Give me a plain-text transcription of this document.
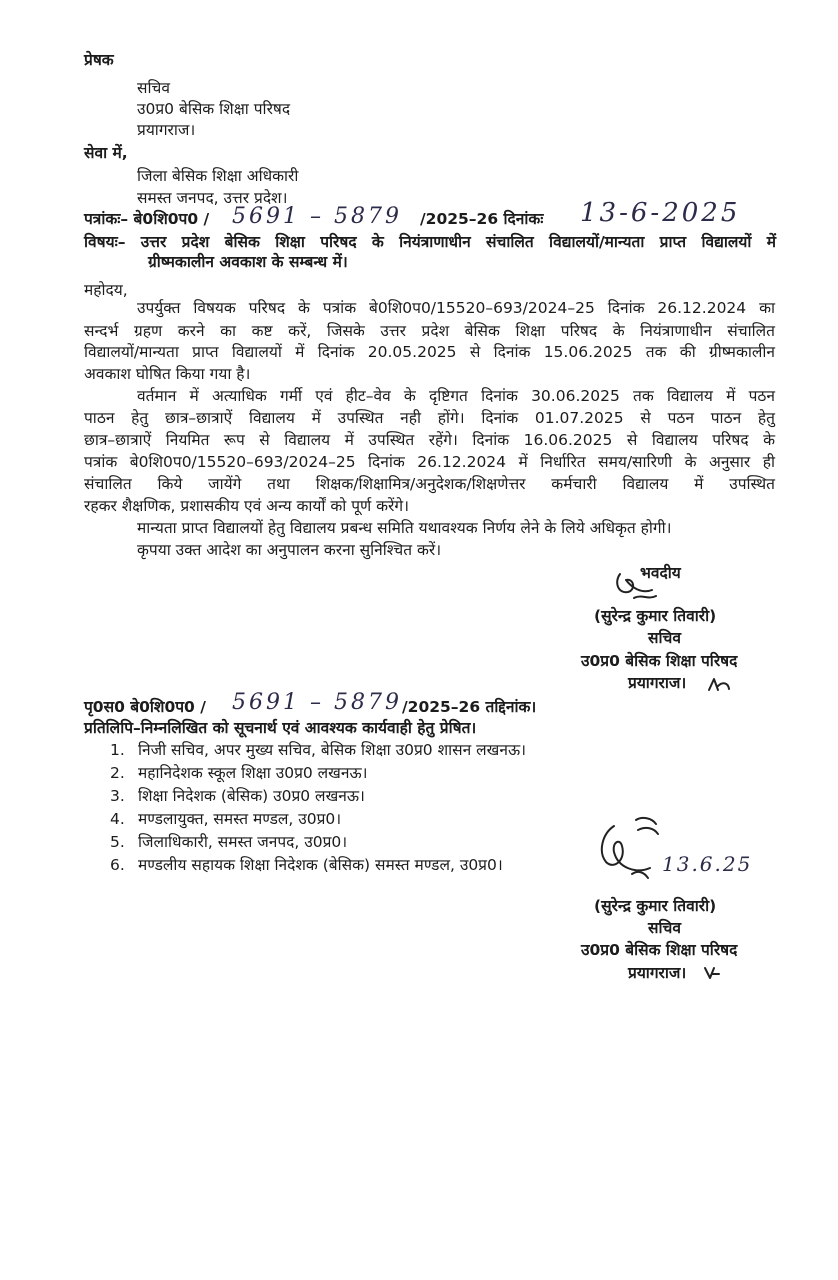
प्रेषक
सचिव
उ0प्र0 बेसिक शिक्षा परिषद
प्रयागराज।
सेवा में,
जिला बेसिक शिक्षा अधिकारी
समस्त जनपद, उत्तर प्रदेश।
पत्रांकः– बे0शि0प0 / 5691 – 5879 /2025–26 दिनांकः 13-6-2025
विषयः– उत्तर प्रदेश बेसिक शिक्षा परिषद के नियंत्राणाधीन संचालित विद्यालयों/मान्यता प्राप्त विद्यालयों में
ग्रीष्मकालीन अवकाश के सम्बन्ध में।
महोदय,
उपर्युक्त विषयक परिषद के पत्रांक बे0शि0प0/15520–693/2024–25 दिनांक 26.12.2024 का
सन्दर्भ ग्रहण करने का कष्ट करें, जिसके उत्तर प्रदेश बेसिक शिक्षा परिषद के नियंत्राणाधीन संचालित
विद्यालयों/मान्यता प्राप्त विद्यालयों में दिनांक 20.05.2025 से दिनांक 15.06.2025 तक की ग्रीष्मकालीन
अवकाश घोषित किया गया है।
वर्तमान में अत्याधिक गर्मी एवं हीट–वेव के दृष्टिगत दिनांक 30.06.2025 तक विद्यालय में पठन
पाठन हेतु छात्र–छात्राऐं विद्यालय में उपस्थित नही होंगे। दिनांक 01.07.2025 से पठन पाठन हेतु
छात्र–छात्राऐं नियमित रूप से विद्यालय में उपस्थित रहेंगे। दिनांक 16.06.2025 से विद्यालय परिषद के
पत्रांक बे0शि0प0/15520–693/2024–25 दिनांक 26.12.2024 में निर्धारित समय/सारिणी के अनुसार ही
संचालित किये जायेंगे तथा शिक्षक/शिक्षामित्र/अनुदेशक/शिक्षणेत्तर कर्मचारी विद्यालय में उपस्थित
रहकर शैक्षणिक, प्रशासकीय एवं अन्य कार्यों को पूर्ण करेंगे।
मान्यता प्राप्त विद्यालयों हेतु विद्यालय प्रबन्ध समिति यथावश्यक निर्णय लेने के लिये अधिकृत होगी।
कृपया उक्त आदेश का अनुपालन करना सुनिश्चित करें।
भवदीय
(सुरेन्द्र कुमार तिवारी)
सचिव
उ0प्र0 बेसिक शिक्षा परिषद
प्रयागराज।
पृ0स0 बे0शि0प0 / 5691 – 5879 /2025–26 तद्दिनांक।
प्रतिलिपि–निम्नलिखित को सूचनार्थ एवं आवश्यक कार्यवाही हेतु प्रेषित।
1. निजी सचिव, अपर मुख्य सचिव, बेसिक शिक्षा उ0प्र0 शासन लखनऊ।
2. महानिदेशक स्कूल शिक्षा उ0प्र0 लखनऊ।
3. शिक्षा निदेशक (बेसिक) उ0प्र0 लखनऊ।
4. मण्डलायुक्त, समस्त मण्डल, उ0प्र0।
5. जिलाधिकारी, समस्त जनपद, उ0प्र0।
6. मण्डलीय सहायक शिक्षा निदेशक (बेसिक) समस्त मण्डल, उ0प्र0।	13.6.25
(सुरेन्द्र कुमार तिवारी)
सचिव
उ0प्र0 बेसिक शिक्षा परिषद
प्रयागराज।
